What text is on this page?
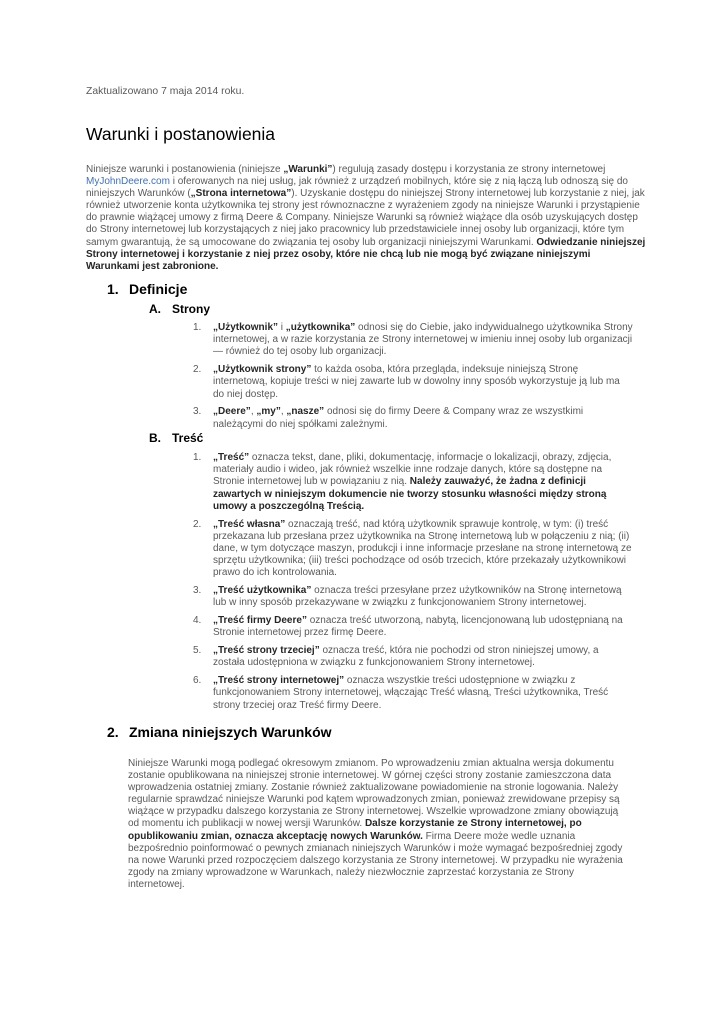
Zaktualizowano 7 maja 2014 roku.
Warunki i postanowienia
Niniejsze warunki i postanowienia (niniejsze „Warunki”) regulują zasady dostępu i korzystania ze strony internetowej MyJohnDeere.com i oferowanych na niej usług, jak również z urządzeń mobilnych, które się z nią łączą lub odnoszą się do niniejszych Warunków („Strona internetowa”). Uzyskanie dostępu do niniejszej Strony internetowej lub korzystanie z niej, jak również utworzenie konta użytkownika tej strony jest równoznaczne z wyrażeniem zgody na niniejsze Warunki i przystąpienie do prawnie wiążącej umowy z firmą Deere & Company. Niniejsze Warunki są również wiążące dla osób uzyskujących dostęp do Strony internetowej lub korzystających z niej jako pracownicy lub przedstawiciele innej osoby lub organizacji, które tym samym gwarantują, że są umocowane do związania tej osoby lub organizacji niniejszymi Warunkami. Odwiedzanie niniejszej Strony internetowej i korzystanie z niej przez osoby, które nie chcą lub nie mogą być związane niniejszymi Warunkami jest zabronione.
1. Definicje
A. Strony
1. „Użytkownik” i „użytkownika” odnosi się do Ciebie, jako indywidualnego użytkownika Strony internetowej, a w razie korzystania ze Strony internetowej w imieniu innej osoby lub organizacji — również do tej osoby lub organizacji.
2. „Użytkownik strony” to każda osoba, która przegląda, indeksuje niniejszą Stronę internetową, kopiuje treści w niej zawarte lub w dowolny inny sposób wykorzystuje ją lub ma do niej dostęp.
3. „Deere”, „my”, „nasze” odnosi się do firmy Deere & Company wraz ze wszystkimi należącymi do niej spółkami zależnymi.
B. Treść
1. „Treść” oznacza tekst, dane, pliki, dokumentację, informacje o lokalizacji, obrazy, zdjęcia, materiały audio i wideo, jak również wszelkie inne rodzaje danych, które są dostępne na Stronie internetowej lub w powiązaniu z nią. Należy zauważyć, że żadna z definicji zawartych w niniejszym dokumencie nie tworzy stosunku własności między stroną umowy a poszczególną Treścią.
2. „Treść własna” oznaczają treść, nad którą użytkownik sprawuje kontrolę, w tym: (i) treść przekazana lub przesłana przez użytkownika na Stronę internetową lub w połączeniu z nią; (ii) dane, w tym dotyczące maszyn, produkcji i inne informacje przesłane na stronę internetową ze sprzętu użytkownika; (iii) treści pochodzące od osób trzecich, które przekazały użytkownikowi prawo do ich kontrolowania.
3. „Treść użytkownika” oznacza treści przesyłane przez użytkowników na Stronę internetową lub w inny sposób przekazywane w związku z funkcjonowaniem Strony internetowej.
4. „Treść firmy Deere” oznacza treść utworzoną, nabytą, licencjonowaną lub udostępnianą na Stronie internetowej przez firmę Deere.
5. „Treść strony trzeciej” oznacza treść, która nie pochodzi od stron niniejszej umowy, a została udostępniona w związku z funkcjonowaniem Strony internetowej.
6. „Treść strony internetowej” oznacza wszystkie treści udostępnione w związku z funkcjonowaniem Strony internetowej, włączając Treść własną, Treści użytkownika, Treść strony trzeciej oraz Treść firmy Deere.
2. Zmiana niniejszych Warunków
Niniejsze Warunki mogą podlegać okresowym zmianom. Po wprowadzeniu zmian aktualna wersja dokumentu zostanie opublikowana na niniejszej stronie internetowej. W górnej części strony zostanie zamieszczona data wprowadzenia ostatniej zmiany. Zostanie również zaktualizowane powiadomienie na stronie logowania. Należy regularnie sprawdzać niniejsze Warunki pod kątem wprowadzonych zmian, ponieważ zrewidowane przepisy są wiążące w przypadku dalszego korzystania ze Strony internetowej. Wszelkie wprowadzone zmiany obowiązują od momentu ich publikacji w nowej wersji Warunków. Dalsze korzystanie ze Strony internetowej, po opublikowaniu zmian, oznacza akceptację nowych Warunków. Firma Deere może wedle uznania bezpośrednio poinformować o pewnych zmianach niniejszych Warunków i może wymagać bezpośredniej zgody na nowe Warunki przed rozpoczęciem dalszego korzystania ze Strony internetowej. W przypadku nie wyrażenia zgody na zmiany wprowadzone w Warunkach, należy niezwłocznie zaprzestać korzystania ze Strony internetowej.
